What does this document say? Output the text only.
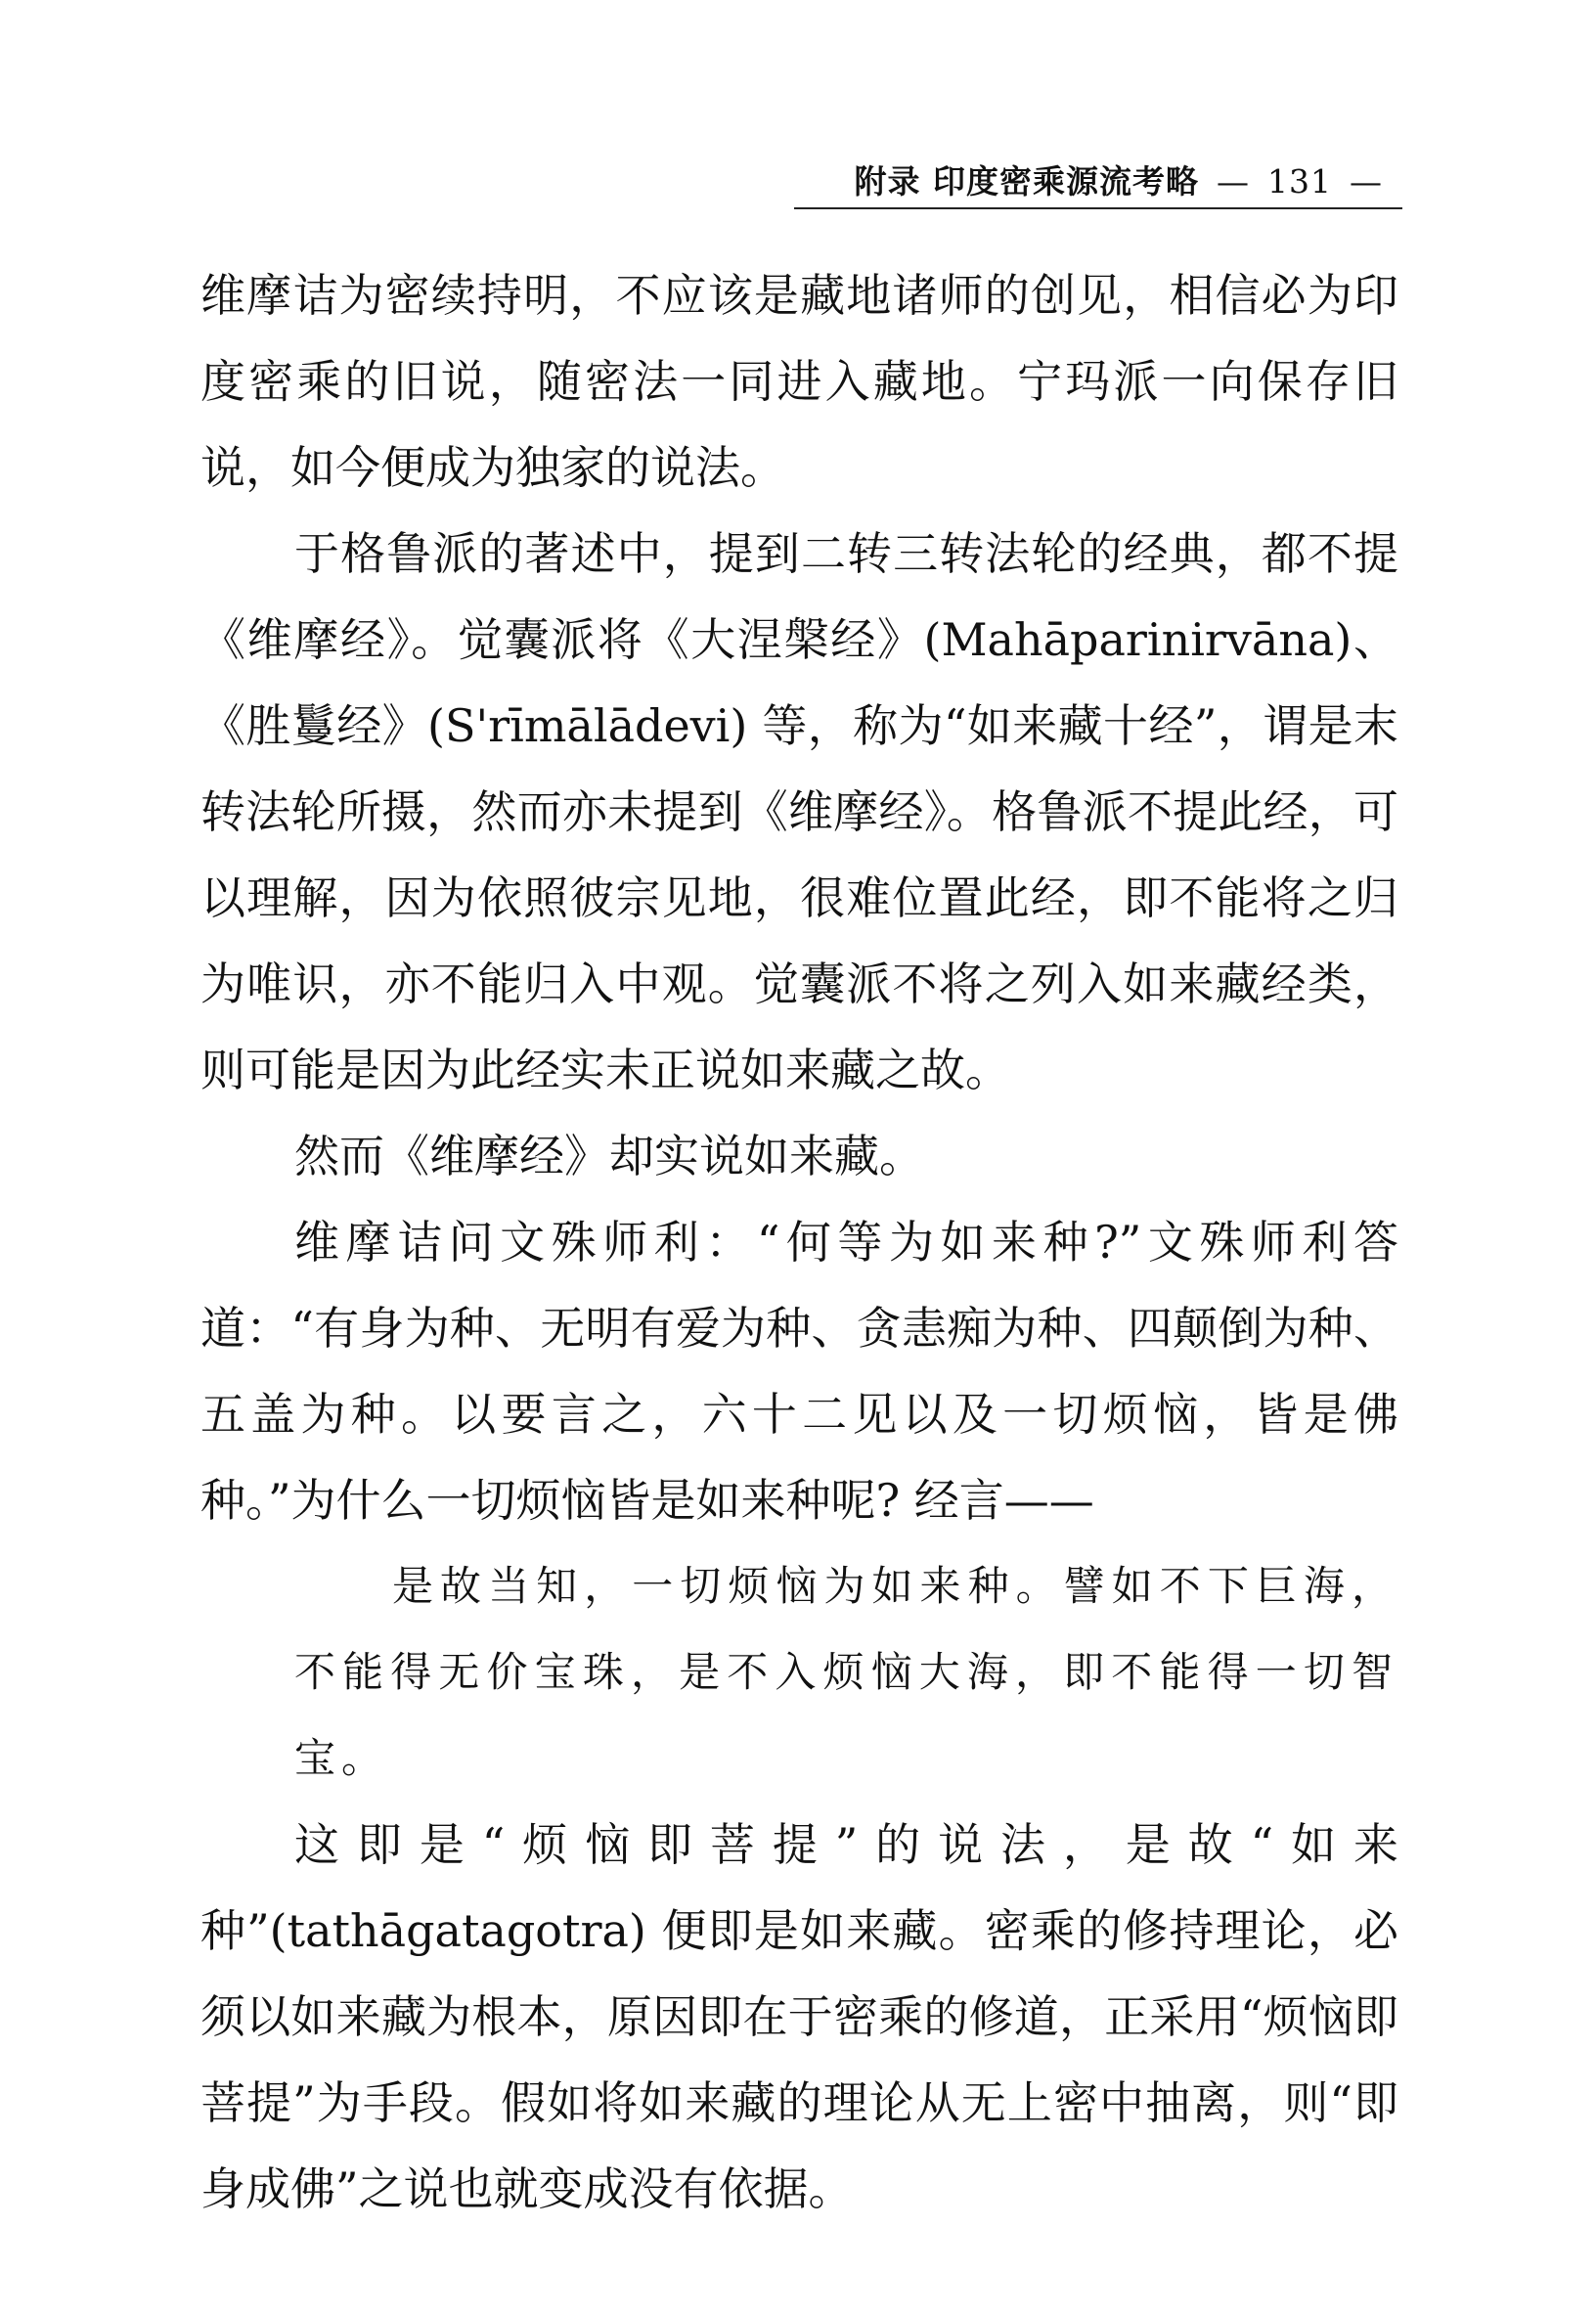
附录 印度密乘源流考略 — 131 —

维摩诘为密续持明，不应该是藏地诸师的创见，相信必为印度密乘的旧说，随密法一同进入藏地。宁玛派一向保存旧说，如今便成为独家的说法。

于格鲁派的著述中，提到二转三转法轮的经典，都不提《维摩经》。觉囊派将《大涅槃经》(Mahāparinirvāna)、《胜鬘经》(S'rīmālādevi) 等，称为“如来藏十经”，谓是末转法轮所摄，然而亦未提到《维摩经》。格鲁派不提此经，可以理解，因为依照彼宗见地，很难位置此经，即不能将之归为唯识，亦不能归入中观。觉囊派不将之列入如来藏经类，则可能是因为此经实未正说如来藏之故。

然而《维摩经》却实说如来藏。

维摩诘问文殊师利：“何等为如来种?”文殊师利答道：“有身为种、无明有爱为种、贪恚痴为种、四颠倒为种、五盖为种。以要言之，六十二见以及一切烦恼，皆是佛种。”为什么一切烦恼皆是如来种呢? 经言——

是故当知，一切烦恼为如来种。譬如不下巨海，不能得无价宝珠，是不入烦恼大海，即不能得一切智宝。

这即是“烦恼即菩提”的说法，是故“如来种”(tathāgatagotra) 便即是如来藏。密乘的修持理论，必须以如来藏为根本，原因即在于密乘的修道，正采用“烦恼即菩提”为手段。假如将如来藏的理论从无上密中抽离，则“即身成佛”之说也就变成没有依据。
